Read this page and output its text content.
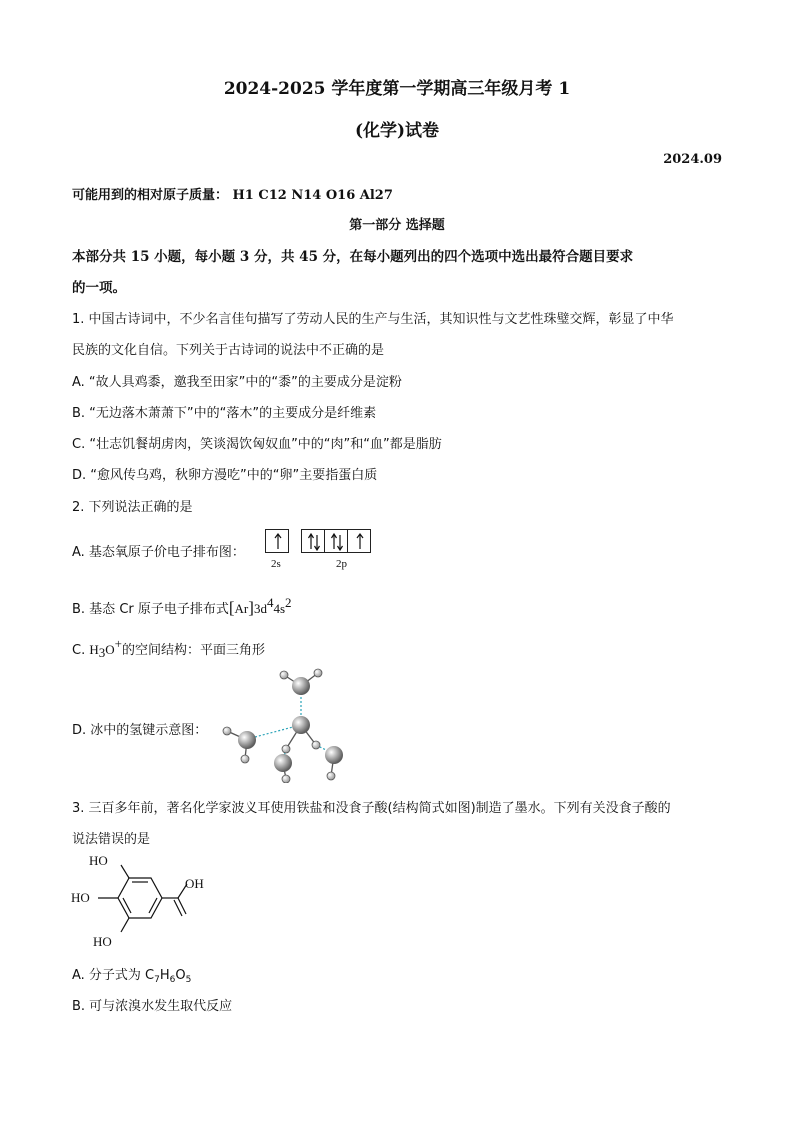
2024-2025 学年度第一学期高三年级月考 1
(化学)试卷
2024.09
可能用到的相对原子质量： H1 C12 N14 O16 Al27
第一部分 选择题
本部分共 15 小题，每小题 3 分，共 45 分，在每小题列出的四个选项中选出最符合题目要求
的一项。
1. 中国古诗词中，不少名言佳句描写了劳动人民的生产与生活，其知识性与文艺性珠璧交辉，彰显了中华
民族的文化自信。下列关于古诗词的说法中不正确的是
A. “故人具鸡黍，邀我至田家”中的“黍”的主要成分是淀粉
B. “无边落木萧萧下”中的“落木”的主要成分是纤维素
C. “壮志饥餐胡虏肉，笑谈渴饮匈奴血”中的“肉”和“血”都是脂肪
D. “愈风传乌鸡，秋卵方漫吃”中的“卵”主要指蛋白质
2. 下列说法正确的是
A. 基态氧原子价电子排布图：
2s	2p
B. 基态 Cr 原子电子排布式[Ar]3d44s2
C. H3O+的空间结构：平面三角形
D. 冰中的氢键示意图：
3. 三百多年前，著名化学家波义耳使用铁盐和没食子酸(结构简式如图)制造了墨水。下列有关没食子酸的
说法错误的是
HO
HO
HO
OH
A. 分子式为 $C_7H_6O_5$
B. 可与浓溴水发生取代反应
